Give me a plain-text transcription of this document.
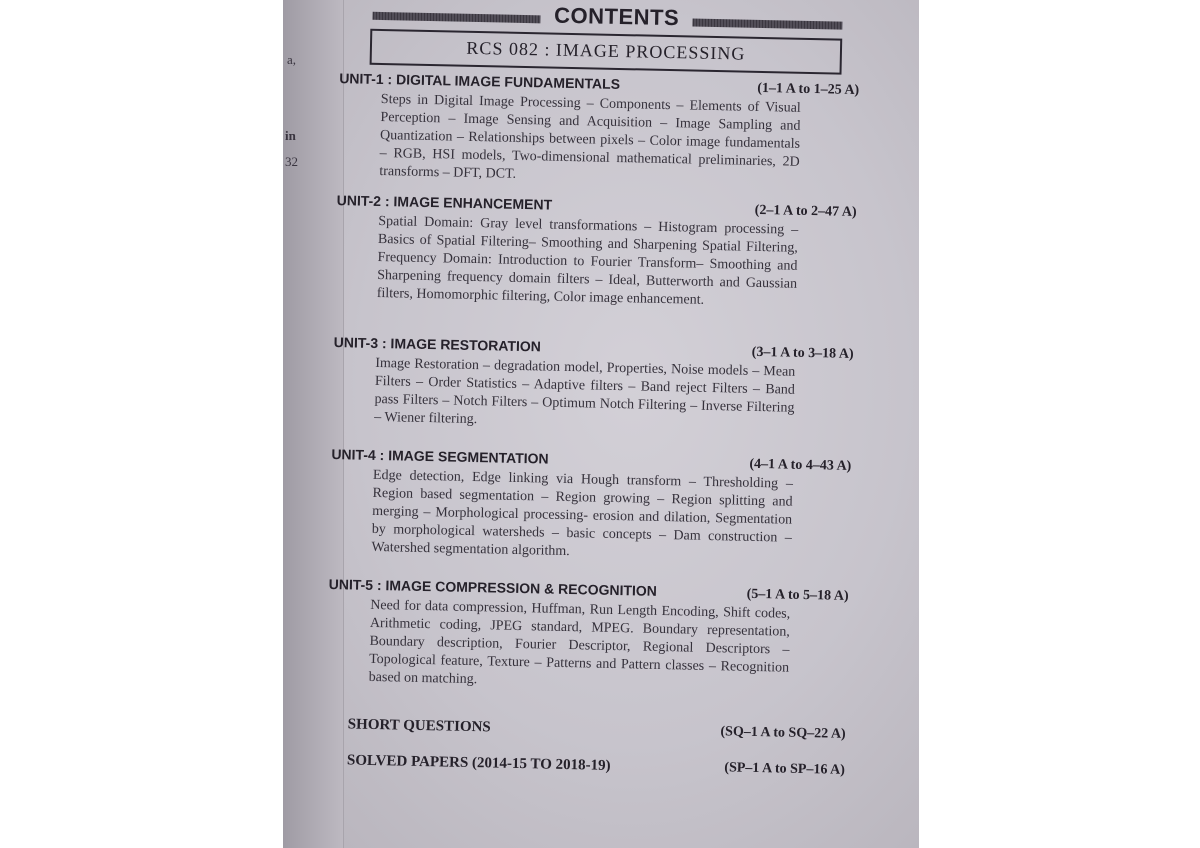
a,
in
32
CONTENTS
RCS 082 : IMAGE PROCESSING
UNIT-1 : DIGITAL IMAGE FUNDAMENTALS	(1–1 A to 1–25 A)
Steps in Digital Image Processing – Components – Elements of Visual Perception – Image Sensing and Acquisition – Image Sampling and Quantization – Relationships between pixels – Color image fundamentals – RGB, HSI models, Two-dimensional mathematical preliminaries, 2D transforms – DFT, DCT.
UNIT-2 : IMAGE ENHANCEMENT	(2–1 A to 2–47 A)
Spatial Domain: Gray level transformations – Histogram processing – Basics of Spatial Filtering– Smoothing and Sharpening Spatial Filtering, Frequency Domain: Introduction to Fourier Transform– Smoothing and Sharpening frequency domain filters – Ideal, Butterworth and Gaussian filters, Homomorphic filtering, Color image enhancement.
UNIT-3 : IMAGE RESTORATION	(3–1 A to 3–18 A)
Image Restoration – degradation model, Properties, Noise models – Mean Filters – Order Statistics – Adaptive filters – Band reject Filters – Band pass Filters – Notch Filters – Optimum Notch Filtering – Inverse Filtering – Wiener filtering.
UNIT-4 : IMAGE SEGMENTATION	(4–1 A to 4–43 A)
Edge detection, Edge linking via Hough transform – Thresholding – Region based segmentation – Region growing – Region splitting and merging – Morphological processing- erosion and dilation, Segmentation by morphological watersheds – basic concepts – Dam construction – Watershed segmentation algorithm.
UNIT-5 : IMAGE COMPRESSION & RECOGNITION	(5–1 A to 5–18 A)
Need for data compression, Huffman, Run Length Encoding, Shift codes, Arithmetic coding, JPEG standard, MPEG. Boundary representation, Boundary description, Fourier Descriptor, Regional Descriptors – Topological feature, Texture – Patterns and Pattern classes – Recognition based on matching.
SHORT QUESTIONS	(SQ–1 A to SQ–22 A)
SOLVED PAPERS (2014-15 TO 2018-19)	(SP–1 A to SP–16 A)
